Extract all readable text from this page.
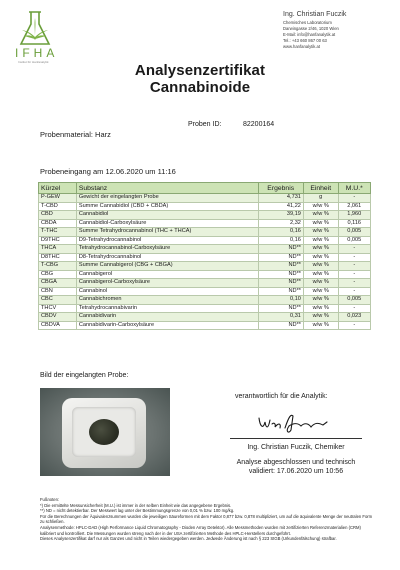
IFHA
Institut für Hanfanalytik
Ing. Christian Fuczik
Chemisches Laboratorium
Darwingasse 2/46, 1020 Wien
E-Mail: info@hanfanalytik.at
Tel.: +43 660 867 00 63
www.hanfanalytik.at
Analysenzertifikat
Cannabinoide
Proben ID:	82200164
Probenmaterial: Harz
Probeneingang am 12.06.2020 um 11:16
Kürzel	Substanz	Ergebnis	Einheit	M.U.*
P-GEW	Gewicht der eingelangten Probe	4,731	g	-
T-CBD	Summe Cannabidiol (CBD + CBDA)	41,22	w/w %	2,061
CBD	Cannabidiol	39,19	w/w %	1,960
CBDA	Cannabidiol-Carboxylsäure	2,32	w/w %	0,116
T-THC	Summe Tetrahydrocannabinol (THC + THCA)	0,16	w/w %	0,005
D9THC	D9-Tetrahydrocannabinol	0,16	w/w %	0,005
THCA	Tetrahydrocannabinol-Carboxylsäure	ND**	w/w %	-
D8THC	D8-Tetrahydrocannabinol	ND**	w/w %	-
T-CBG	Summe Cannabigerol (CBG + CBGA)	ND**	w/w %	-
CBG	Cannabigerol	ND**	w/w %	-
CBGA	Cannabigerol-Carboxylsäure	ND**	w/w %	-
CBN	Cannabinol	ND**	w/w %	-
CBC	Cannabichromen	0,10	w/w %	0,005
THCV	Tetrahydrocannabivarin	ND**	w/w %	-
CBDV	Cannabidivarin	0,31	w/w %	0,023
CBDVA	Cannabidivarin-Carboxylsäure	ND**	w/w %	-
Bild der eingelangten Probe:
verantwortlich für die Analytik:
Ing. Christian Fuczik, Chemiker
Analyse abgeschlossen und technisch
validiert: 17.06.2020 um 10:56
Fußnoten:
*) Die ermittelte Messunsicherheit (M.U.) ist immer in der selben Einheit wie das angegebene Ergebnis.
**) ND = nicht detektierbar. Der Messwert lag unter der Bestimmungsgrenze von 0,01 % bzw. 100 mg/kg.
Für die Berechnungen der Äquivalenzsummen wurden die jeweiligen Säureformen mit dem Faktor 0,877 bzw. 0,878 multipliziert, um auf die äquivalente Menge der neutralen Form zu schließen.
Analysenmethode: HPLC-DAD (High Performance Liquid Chromatography - Dioden Array Detektor). Alle Messmethoden wurden mit zertifizierten Referenzmaterialien (CRM) kalibriert und kontrolliert. Die Messungen wurden streng nach der in der USA zertifizierten Methode des HPLC-Herstellers durchgeführt.
Dieses Analysenzertifikat darf nur als Ganzes und nicht in Teilen wiedergegeben werden. Jedwede Änderung ist nach § 223 StGB (Urkundenfälschung) strafbar.
